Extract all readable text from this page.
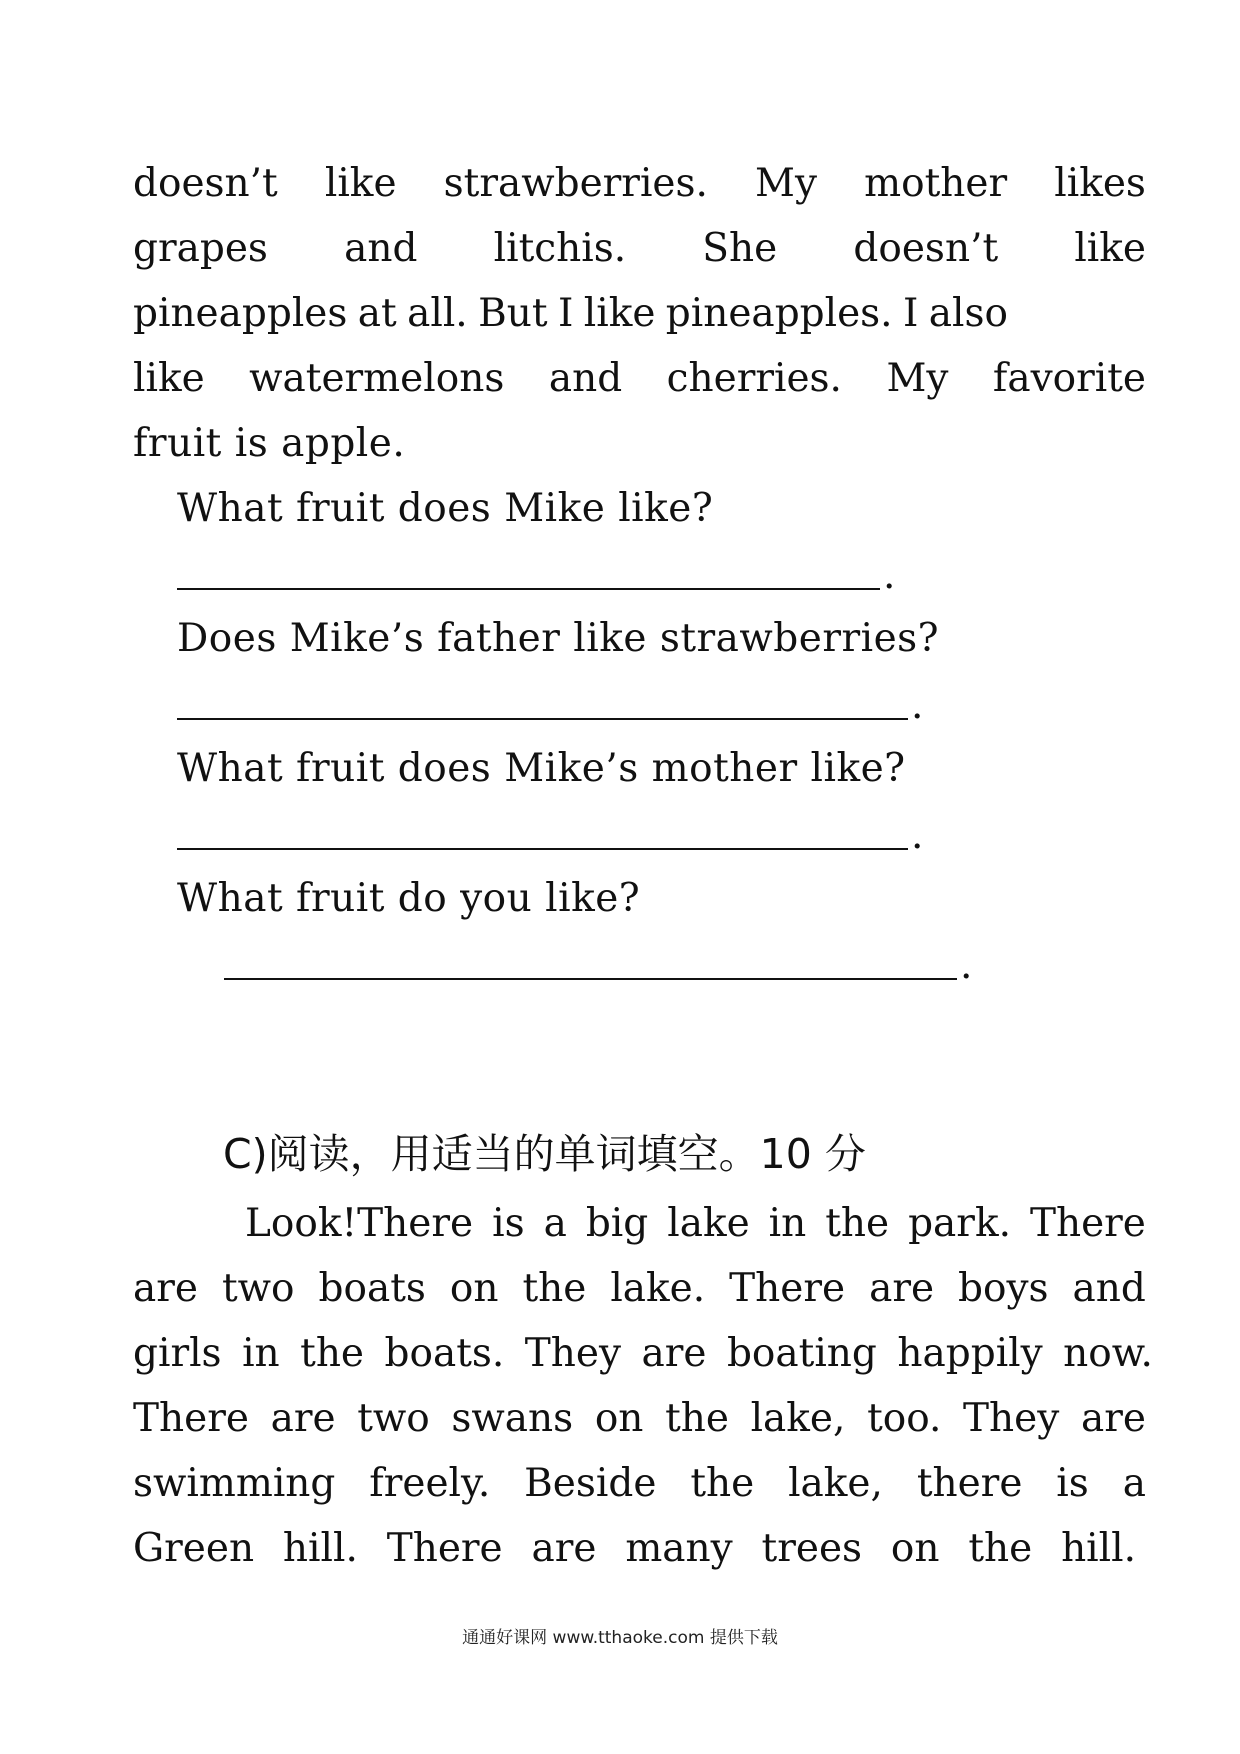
doesn’t like strawberries. My mother likes
grapes and litchis. She doesn’t like
pineapples at all. But I like pineapples. I also
like watermelons and cherries. My favorite
fruit is apple.
What fruit does Mike like?
.
Does Mike’s father like strawberries?
.
What fruit does Mike’s mother like?
.
What fruit do you like?
.
C)阅读，用适当的单词填空。10 分
Look!There is a big lake in the park. There
are two boats on the lake. There are boys and
girls in the boats. They are boating happily now.
There are two swans on the lake, too. They are
swimming freely. Beside the lake, there is a
Green hill. There are many trees on the hill.
通通好课网 www.tthaoke.com 提供下载
